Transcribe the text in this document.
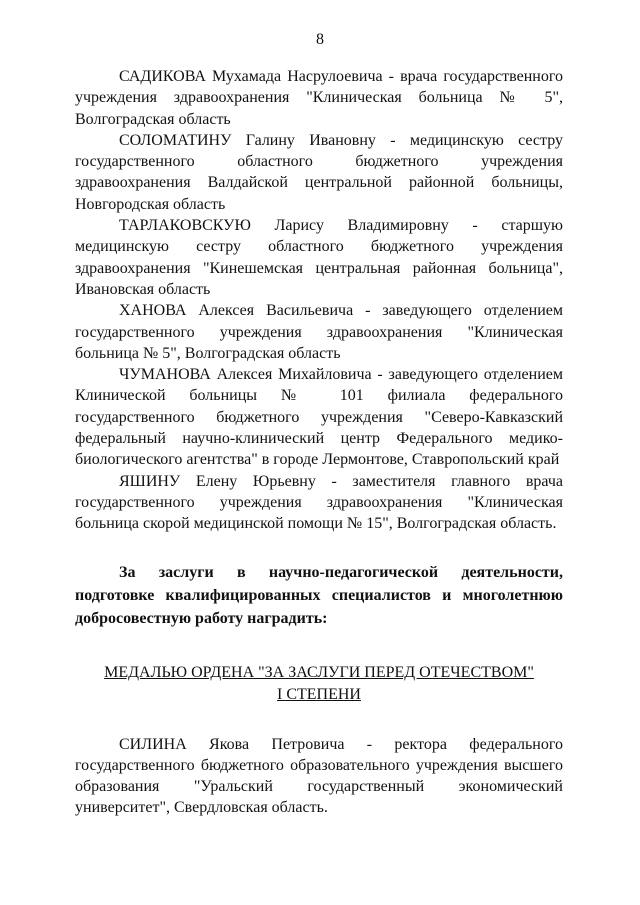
8

САДИКОВА Мухамада Насрулоевича - врача государственного учреждения здравоохранения "Клиническая больница № 5", Волгоградская область

СОЛОМАТИНУ Галину Ивановну - медицинскую сестру государственного областного бюджетного учреждения здравоохранения Валдайской центральной районной больницы, Новгородская область

ТАРЛАКОВСКУЮ Ларису Владимировну - старшую медицинскую сестру областного бюджетного учреждения здравоохранения "Кинешемская центральная районная больница", Ивановская область

ХАНОВА Алексея Васильевича - заведующего отделением государственного учреждения здравоохранения "Клиническая больница № 5", Волгоградская область

ЧУМАНОВА Алексея Михайловича - заведующего отделением Клинической больницы № 101 филиала федерального государственного бюджетного учреждения "Северо-Кавказский федеральный научно-клинический центр Федерального медико-биологического агентства" в городе Лермонтове, Ставропольский край

ЯШИНУ Елену Юрьевну - заместителя главного врача государственного учреждения здравоохранения "Клиническая больница скорой медицинской помощи № 15", Волгоградская область.

За заслуги в научно-педагогической деятельности, подготовке квалифицированных специалистов и многолетнюю добросовестную работу наградить:

МЕДАЛЬЮ ОРДЕНА "ЗА ЗАСЛУГИ ПЕРЕД ОТЕЧЕСТВОМ"
I СТЕПЕНИ

СИЛИНА Якова Петровича - ректора федерального государственного бюджетного образовательного учреждения высшего образования "Уральский государственный экономический университет", Свердловская область.
